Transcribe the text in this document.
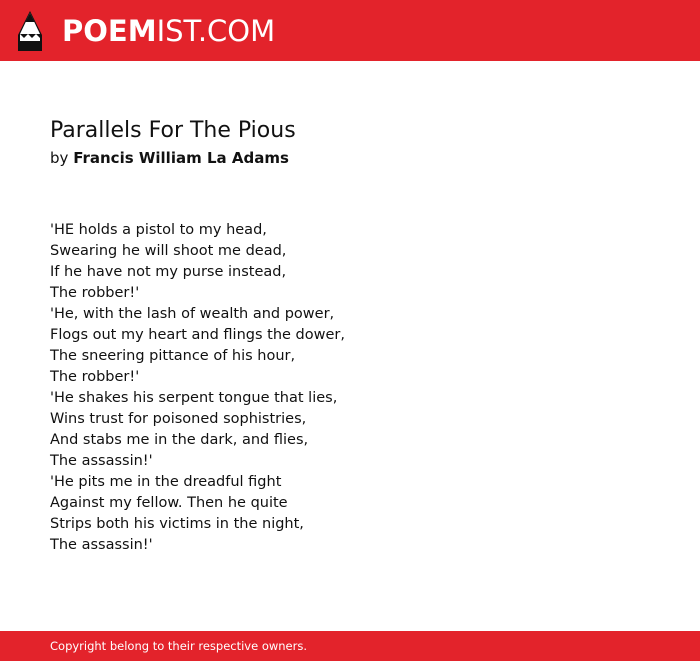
POEMIST.COM
Parallels For The Pious

by Francis William La Adams

'HE holds a pistol to my head,
Swearing he will shoot me dead,
If he have not my purse instead,
The robber!'
'He, with the lash of wealth and power,
Flogs out my heart and flings the dower,
The sneering pittance of his hour,
The robber!'
'He shakes his serpent tongue that lies,
Wins trust for poisoned sophistries,
And stabs me in the dark, and flies,
The assassin!'
'He pits me in the dreadful fight
Against my fellow. Then he quite
Strips both his victims in the night,
The assassin!'
Copyright belong to their respective owners.
